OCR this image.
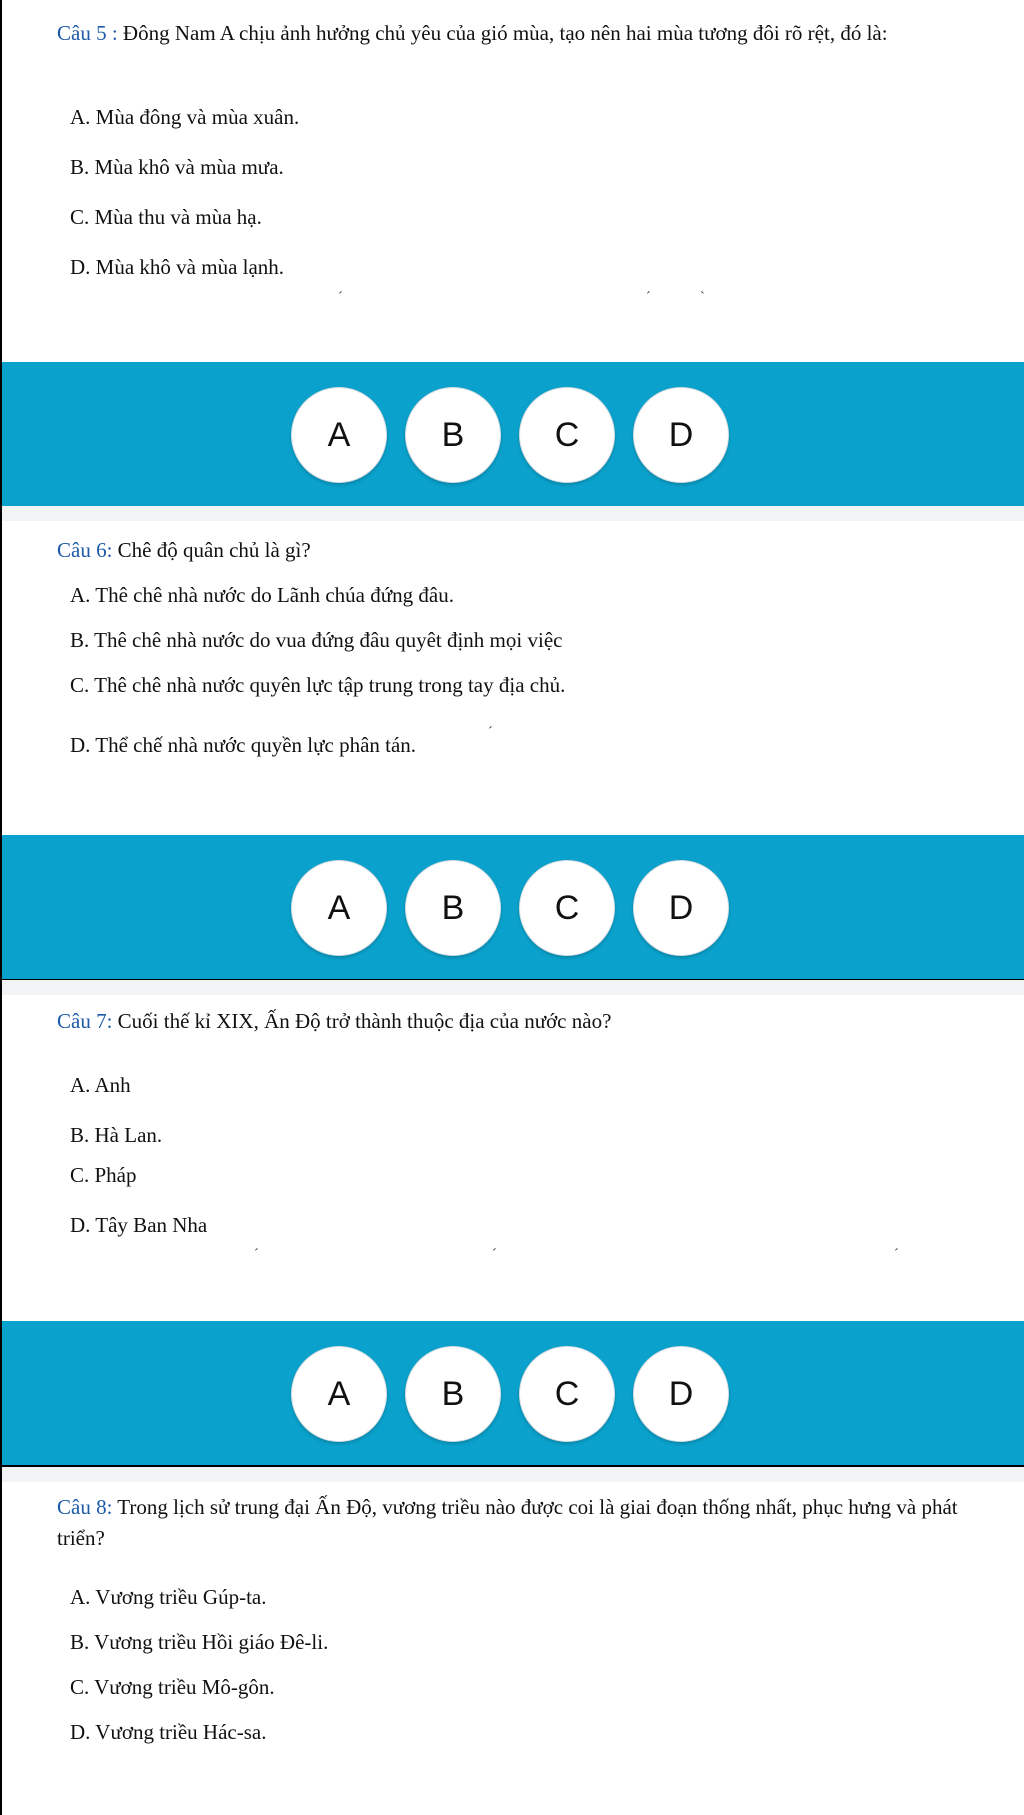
Câu 5 : Đông Nam A chịu ảnh hưởng chủ yêu của gió mùa, tạo nên hai mùa tương đôi rõ rệt, đó là:
A. Mùa đông và mùa xuân.
B. Mùa khô và mùa mưa.
C. Mùa thu và mùa hạ.
D. Mùa khô và mùa lạnh.
ˊ	ˊ	ˋ
A	B	C	D
Câu 6: Chê độ quân chủ là gì?
A. Thê chê nhà nước do Lãnh chúa đứng đâu.
B. Thê chê nhà nước do vua đứng đâu quyêt định mọi việc
C. Thê chê nhà nước quyên lực tập trung trong tay địa chủ.
D. Thể chế nhà nước quyền lực phân tán.
ˊ
A	B	C	D
Câu 7: Cuối thế kỉ XIX, Ấn Độ trở thành thuộc địa của nước nào?
A. Anh
B. Hà Lan.
C. Pháp
D. Tây Ban Nha
ˊ	ˊ	ˊ
A	B	C	D
Câu 8: Trong lịch sử trung đại Ấn Độ, vương triều nào được coi là giai đoạn thống nhất, phục hưng và phát triển?
A. Vương triều Gúp-ta.
B. Vương triều Hồi giáo Đê-li.
C. Vương triều Mô-gôn.
D. Vương triều Hác-sa.
